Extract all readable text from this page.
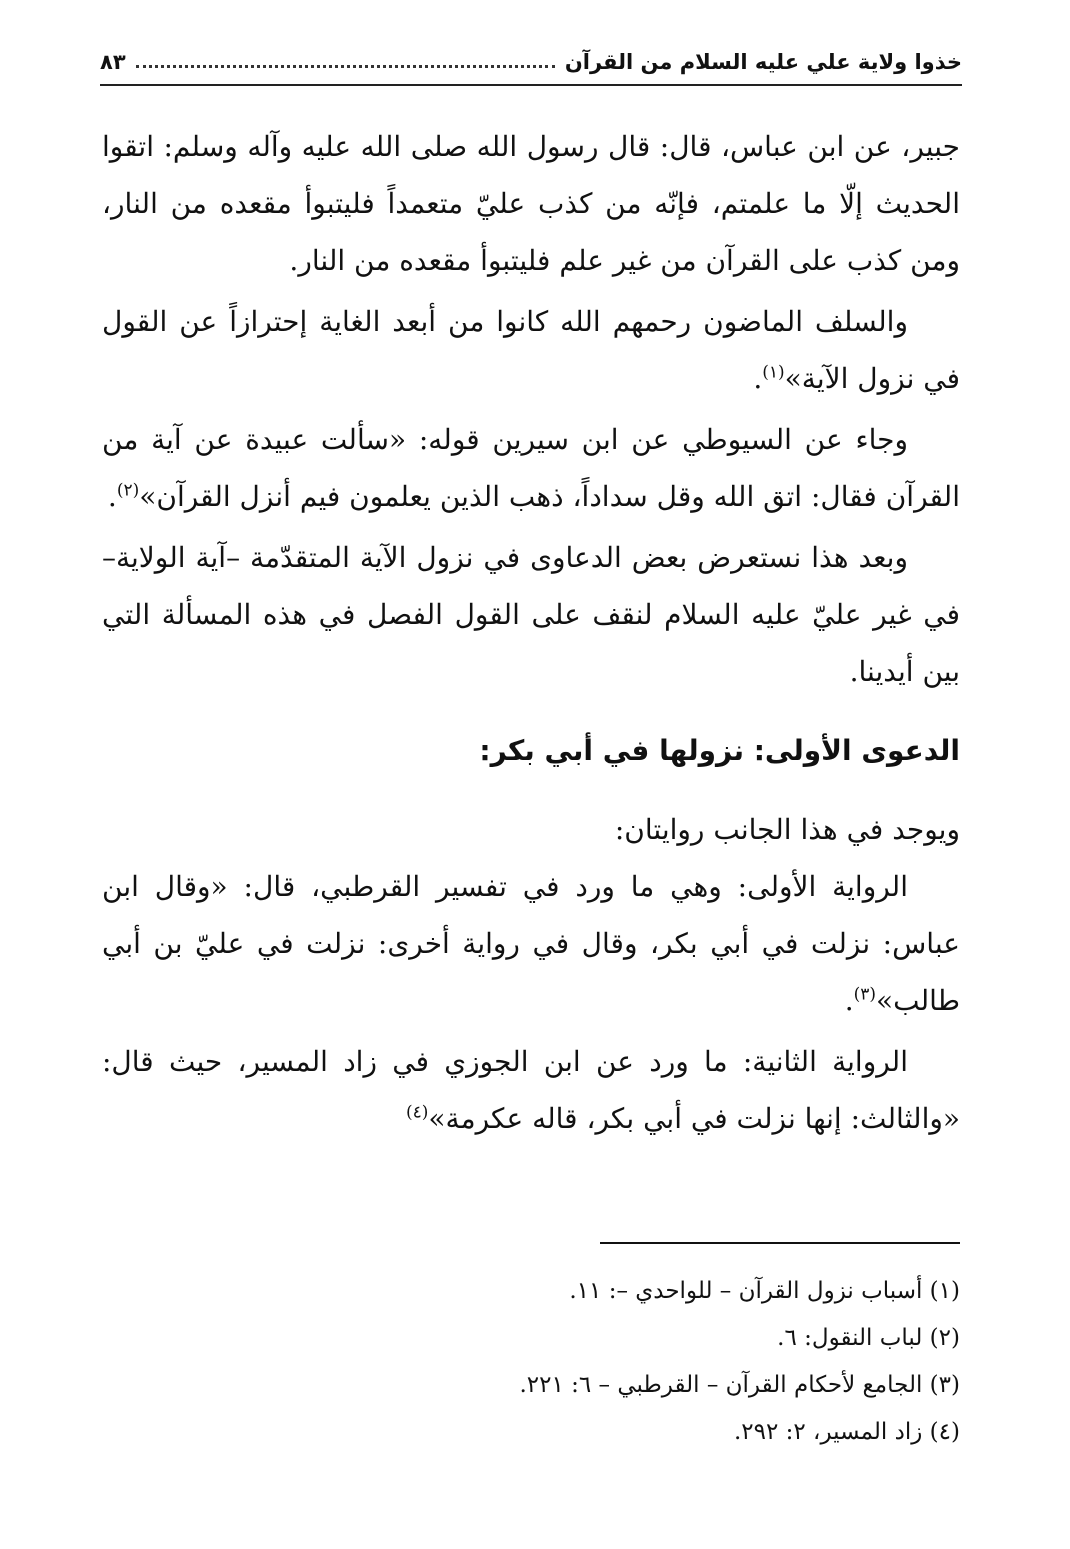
خذوا ولاية علي عليه السلام من القرآن
٨٣

جبير، عن ابن عباس، قال: قال رسول الله صلى الله عليه وآله وسلم: اتقوا الحديث إلّا ما علمتم، فإنّه من كذب عليّ متعمداً فليتبوأ مقعده من النار، ومن كذب على القرآن من غير علم فليتبوأ مقعده من النار.

والسلف الماضون رحمهم الله كانوا من أبعد الغاية إحترازاً عن القول في نزول الآية»$^{(١)}$.

وجاء عن السيوطي عن ابن سيرين قوله: «سألت عبيدة عن آية من القرآن فقال: اتق الله وقل سداداً، ذهب الذين يعلمون فيم أنزل القرآن»$^{(٢)}$.

وبعد هذا نستعرض بعض الدعاوى في نزول الآية المتقدّمة –آية الولاية– في غير عليّ عليه السلام لنقف على القول الفصل في هذه المسألة التي بين أيدينا.

الدعوى الأولى: نزولها في أبي بكر:

ويوجد في هذا الجانب روايتان:

الرواية الأولى: وهي ما ورد في تفسير القرطبي، قال: «وقال ابن عباس: نزلت في أبي بكر، وقال في رواية أخرى: نزلت في عليّ بن أبي طالب»$^{(٣)}$.

الرواية الثانية: ما ورد عن ابن الجوزي في زاد المسير، حيث قال: «والثالث: إنها نزلت في أبي بكر، قاله عكرمة»$^{(٤)}$

(١) أسباب نزول القرآن – للواحدي –: ١١.

(٢) لباب النقول: ٦.

(٣) الجامع لأحكام القرآن – القرطبي – ٦: ٢٢١.

(٤) زاد المسير، ٢: ٢٩٢.
